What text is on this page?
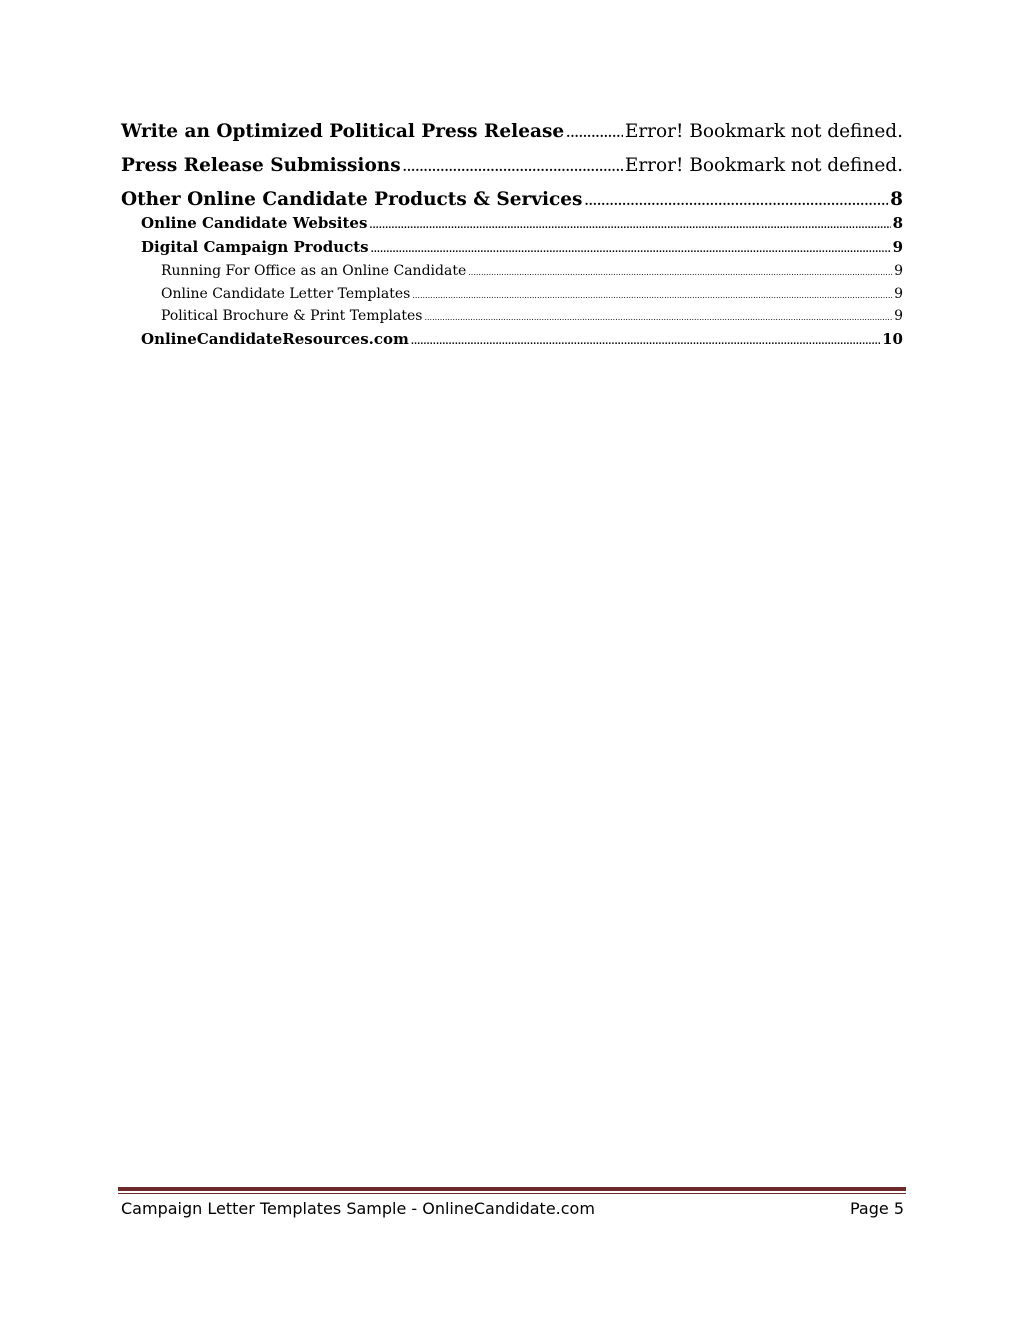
Write an Optimized Political Press Release .....	Error! Bookmark not defined.
Press Release Submissions .....	Error! Bookmark not defined.
Other Online Candidate Products & Services .....	8
Online Candidate Websites .....	8
Digital Campaign Products .....	9
Running For Office as an Online Candidate .....	9
Online Candidate Letter Templates .....	9
Political Brochure & Print Templates .....	9
OnlineCandidateResources.com .....	10
Campaign Letter Templates Sample - OnlineCandidate.com	Page 5
